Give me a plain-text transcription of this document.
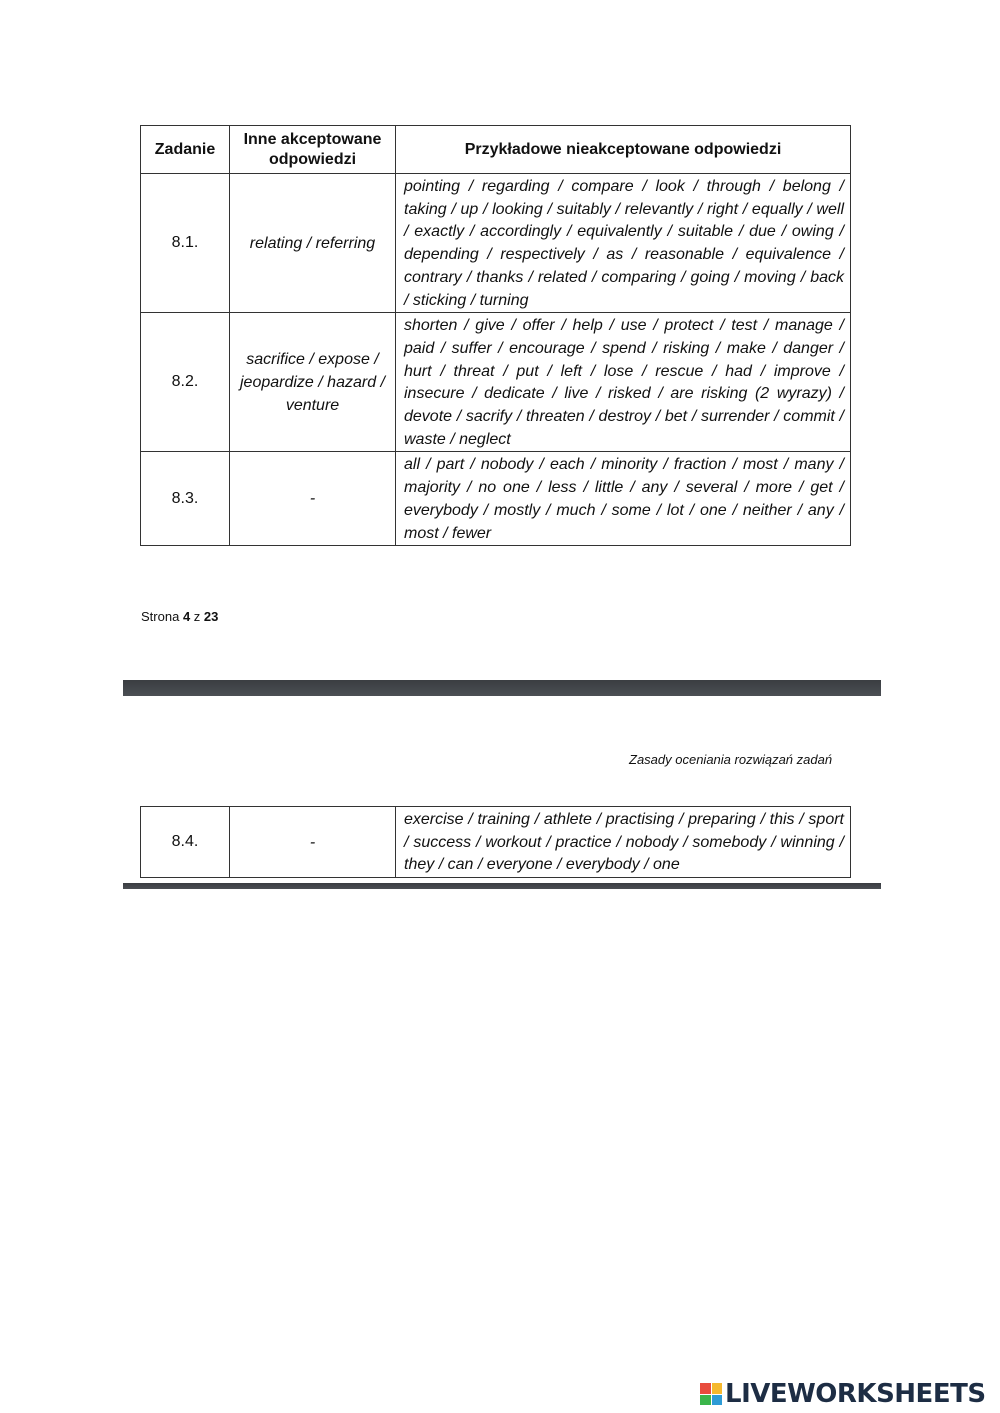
Zadanie	Inne akceptowane odpowiedzi	Przykładowe nieakceptowane odpowiedzi
8.1.	relating / referring	pointing / regarding / compare / look / through / belong / taking / up / looking / suitably / relevantly / right / equally / well / exactly / accordingly / equivalently / suitable / due / owing / depending / respectively / as / reasonable / equivalence / contrary / thanks / related / comparing / going / moving / back / sticking / turning
8.2.	sacrifice / expose / jeopardize / hazard / venture	shorten / give / offer / help / use / protect / test / manage / paid / suffer / encourage / spend / risking / make / danger / hurt / threat / put / left / lose / rescue / had / improve / insecure / dedicate / live / risked / are risking (2 wyrazy) / devote / sacrify / threaten / destroy / bet / surrender / commit / waste / neglect
8.3.	-	all / part / nobody / each / minority / fraction / most / many / majority / no one / less / little / any / several / more / get / everybody / mostly / much / some / lot / one / neither / any / most / fewer
Strona 4 z 23
Zasady oceniania rozwiązań zadań
8.4.	-	exercise / training / athlete / practising / preparing / this / sport / success / workout / practice / nobody / somebody / winning / they / can / everyone / everybody / one
LIVEWORKSHEETS
